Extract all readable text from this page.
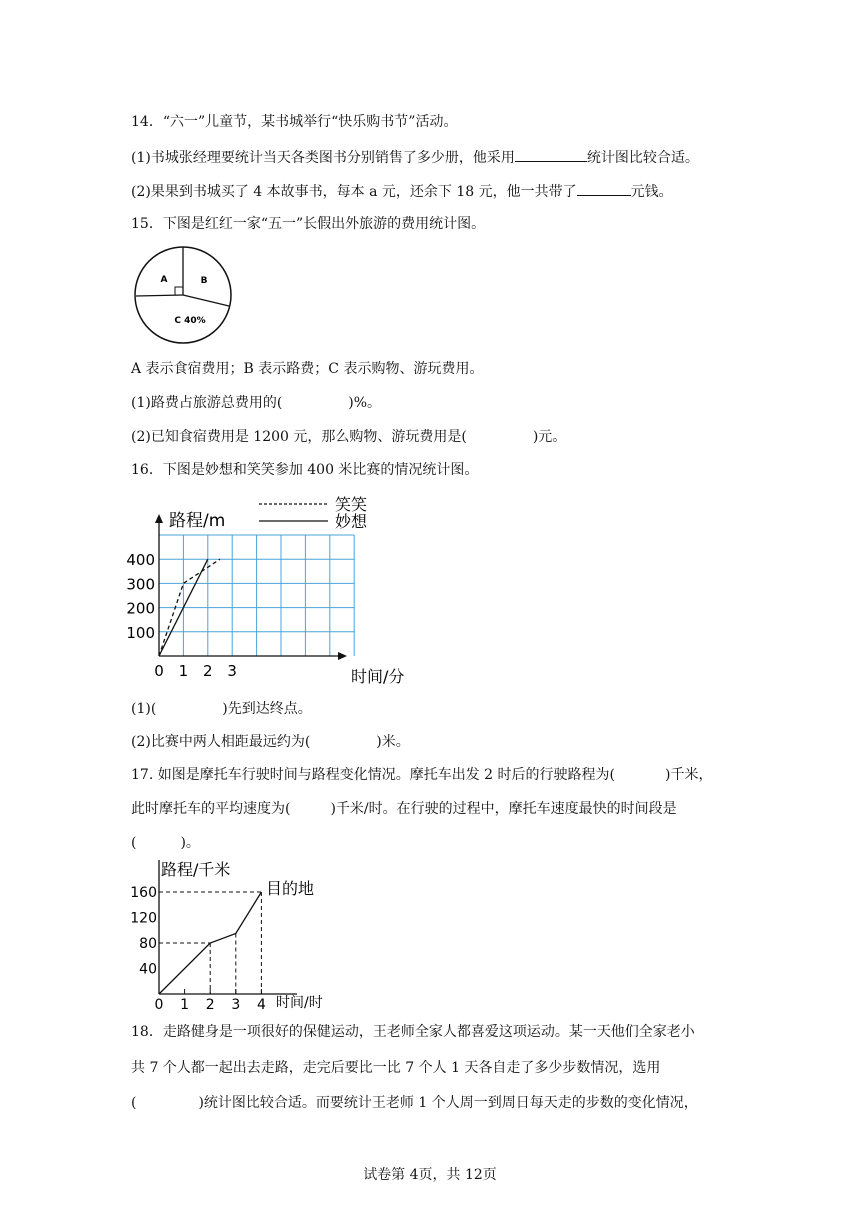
14．“六一”儿童节，某书城举行“快乐购书节”活动。
(1)书城张经理要统计当天各类图书分别销售了多少册，他采用	统计图比较合适。
(2)果果到书城买了 4 本故事书，每本 a 元，还余下 18 元，他一共带了	元钱。
15．下图是红红一家“五一”长假出外旅游的费用统计图。
A	B
C 40%
A 表示食宿费用；B 表示路费；C 表示购物、游玩费用。
(1)路费占旅游总费用的(	)%。
(2)已知食宿费用是 1200 元，那么购物、游玩费用是(	)元。
16．下图是妙想和笑笑参加 400 米比赛的情况统计图。
路程/m
时间/分
100
200
300
400
0 1 2 3
笑笑
妙想
(1)(	)先到达终点。
(2)比赛中两人相距最远约为(	)米。
17. 如图是摩托车行驶时间与路程变化情况。摩托车出发 2 时后的行驶路程为(	)千米，
此时摩托车的平均速度为(	)千米/时。在行驶的过程中，摩托车速度最快的时间段是
(	)。
路程/千米
时间/时
目的地
40
80
120
160
0 1 2 3 4
18．走路健身是一项很好的保健运动，王老师全家人都喜爱这项运动。某一天他们全家老小
共 7 个人都一起出去走路，走完后要比一比 7 个人 1 天各自走了多少步数情况，选用
(	)统计图比较合适。而要统计王老师 1 个人周一到周日每天走的步数的变化情况，
试卷第 4页，共 12页
